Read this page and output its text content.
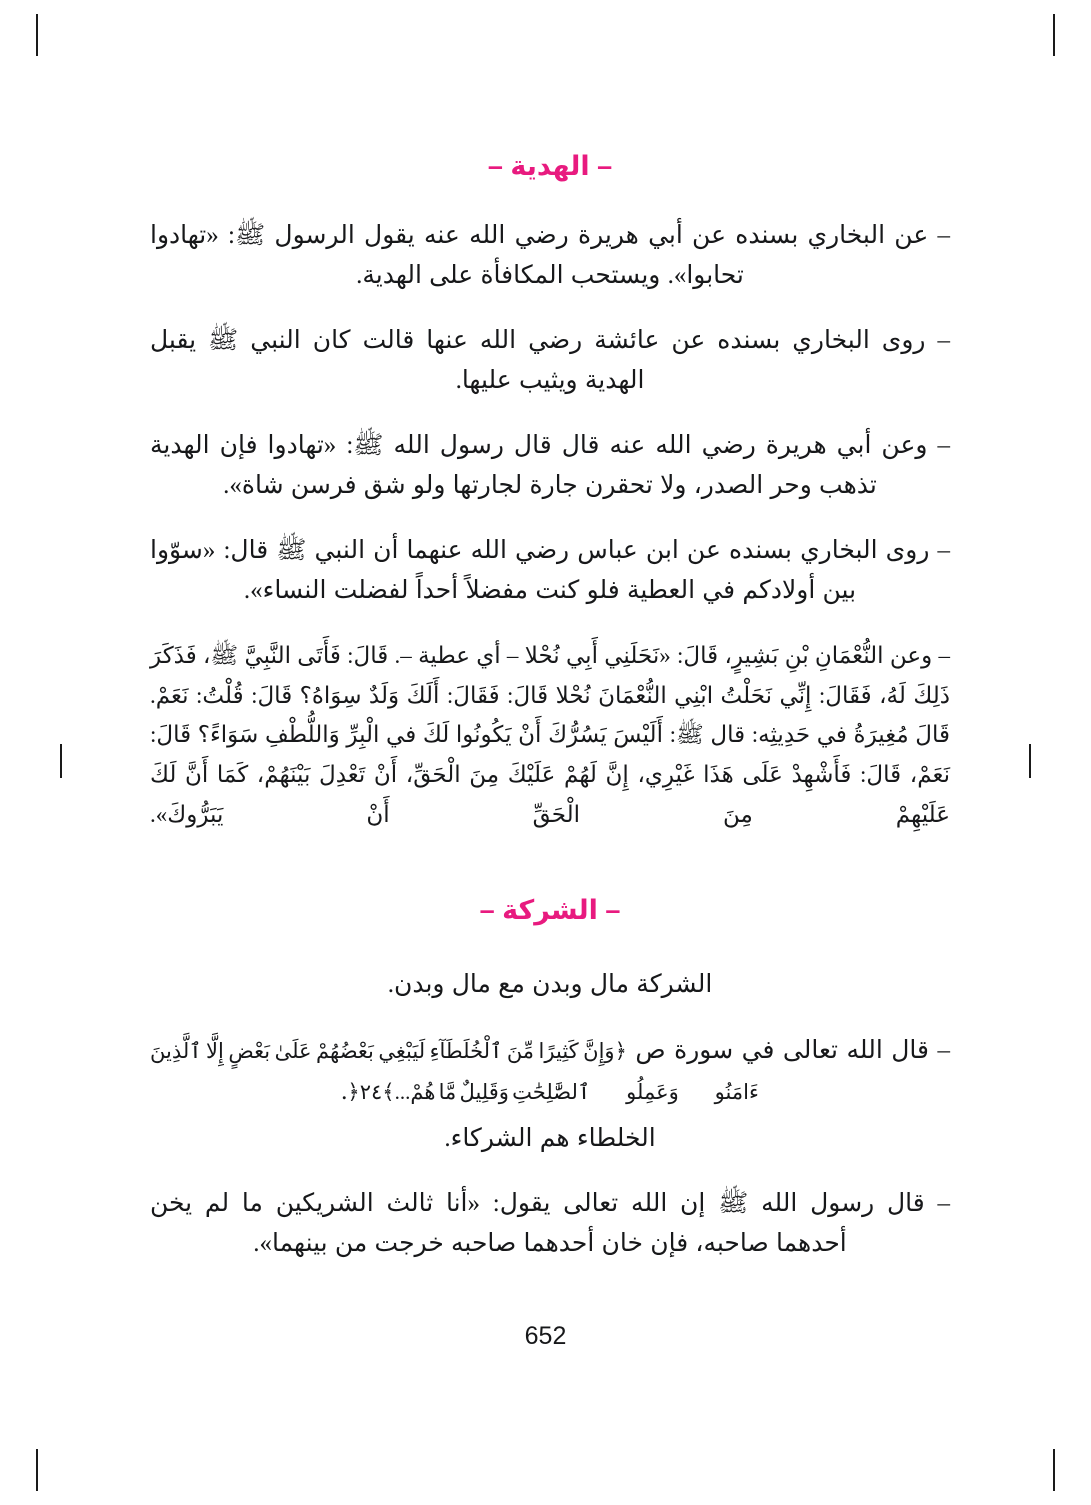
– الهدية –

– عن البخاري بسنده عن أبي هريرة رضي الله عنه يقول الرسول ﷺ: «تهادوا تحابوا». ويستحب المكافأة على الهدية.

– روى البخاري بسنده عن عائشة رضي الله عنها قالت كان النبي ﷺ يقبل الهدية ويثيب عليها.

– وعن أبي هريرة رضي الله عنه قال قال رسول الله ﷺ: «تهادوا فإن الهدية تذهب وحر الصدر، ولا تحقرن جارة لجارتها ولو شق فرسن شاة».

– روى البخاري بسنده عن ابن عباس رضي الله عنهما أن النبي ﷺ قال: «سوّوا بين أولادكم في العطية فلو كنت مفضلاً أحداً لفضلت النساء».

– وعن النُّعْمَانِ بْنِ بَشِيرٍ، قَالَ: «نَحَلَنِي أَبِي نُحْلا – أي عطية –. قَالَ: فَأَتَى النَّبِيَّ ﷺ، فَذَكَرَ ذَلِكَ لَهُ، فَقَالَ: إِنِّي نَحَلْتُ ابْنِي النُّعْمَانَ نُحْلا قَالَ: فَقَالَ: أَلَكَ وَلَدٌ سِوَاهُ؟ قَالَ: قُلْتُ: نَعَمْ. قَالَ مُغِيرَةُ في حَدِيثِه: قال ﷺ: أَلَيْسَ يَسُرُّكَ أَنْ يَكُونُوا لَكَ في الْبِرِّ وَاللُّطْفِ سَوَاءً؟ قَالَ: نَعَمْ، قَالَ: فَأَشْهِدْ عَلَى هَذَا غَيْرِي، إِنَّ لَهُمْ عَلَيْكَ مِنَ الْحَقِّ، أَنْ تَعْدِلَ بَيْنَهُمْ، كَمَا أَنَّ لَكَ عَلَيْهِمْ مِنَ الْحَقِّ أَنْ يَبَرُّوكَ».

– الشركة –

الشركة مال وبدن مع مال وبدن.

– قال الله تعالى في سورة ص ﴿وَإِنَّ كَثِيرًا مِّنَ ٱلْخُلَطَآءِ لَيَبْغِي بَعْضُهُمْ عَلَىٰ بَعْضٍ إِلَّا ٱلَّذِينَ ءَامَنُوا۟ وَعَمِلُوا۟ ٱلصَّٰلِحَٰتِ وَقَلِيلٌ مَّا هُمْ...﴾٢٤﴿.

الخلطاء هم الشركاء.

– قال رسول الله ﷺ إن الله تعالى يقول: «أنا ثالث الشريكين ما لم يخن أحدهما صاحبه، فإن خان أحدهما صاحبه خرجت من بينهما».

652
